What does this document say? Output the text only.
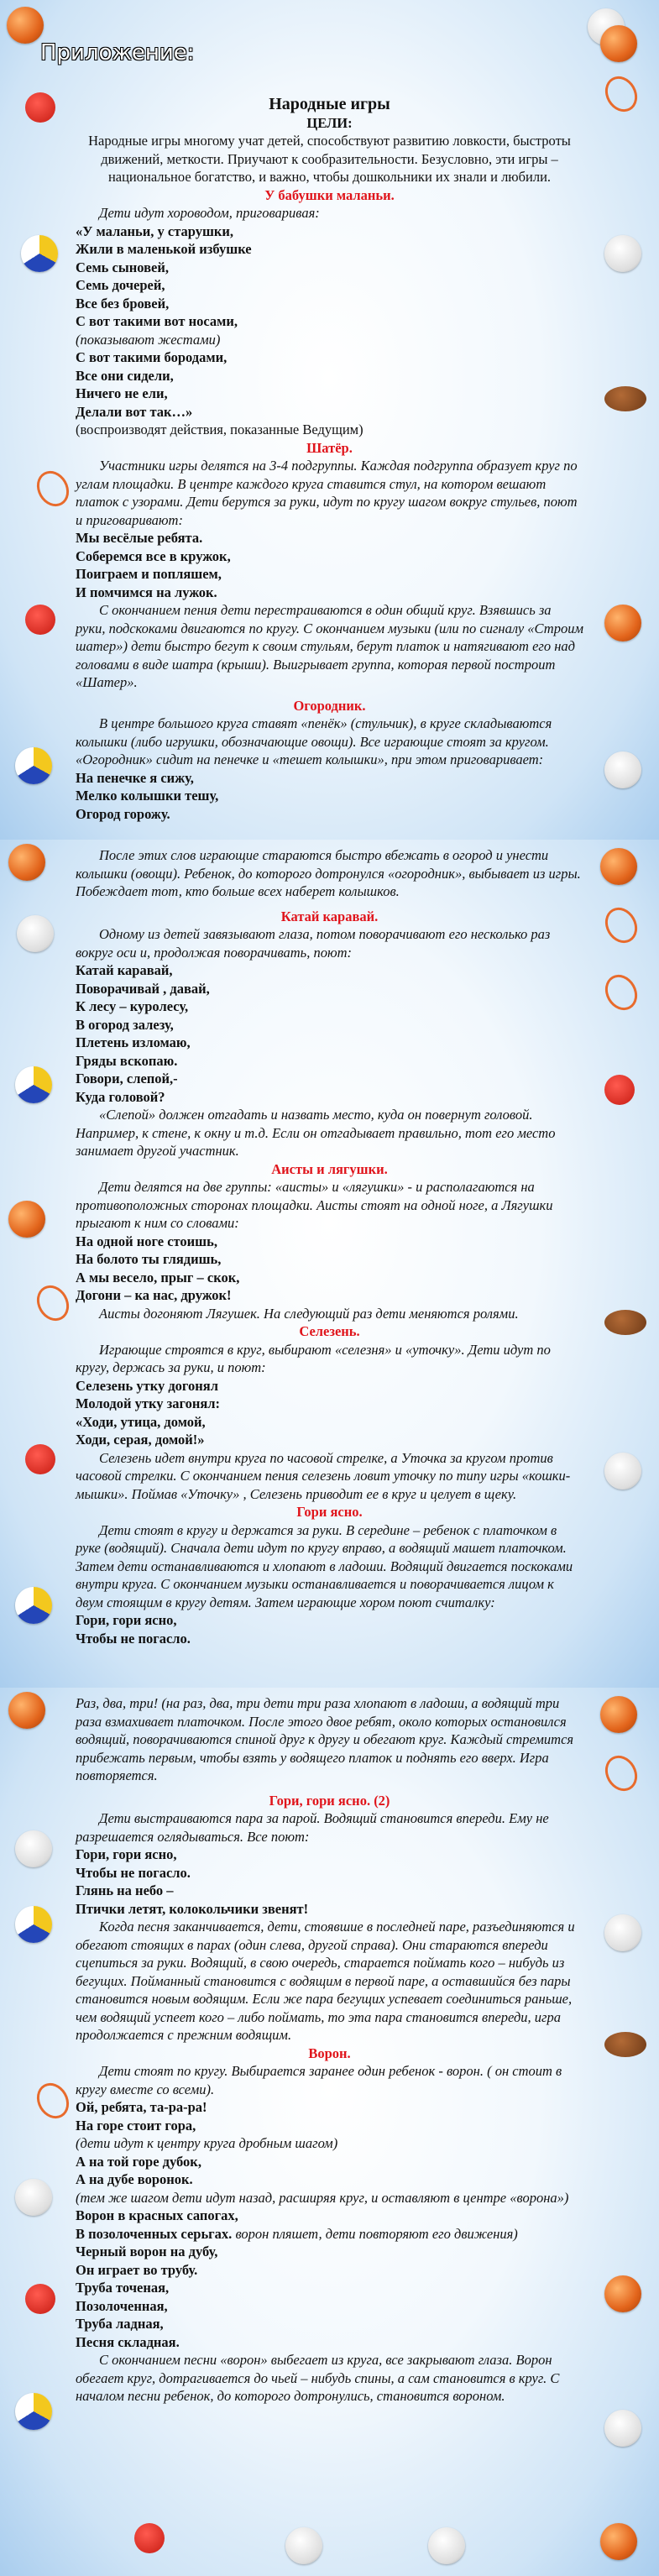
Приложение:
Народные игры

ЦЕЛИ:

Народные игры многому учат детей, способствуют развитию ловкости, быстроты движений, меткости. Приучают к сообразительности. Безусловно, эти игры – национальное богатство, и важно, чтобы дошкольники их знали и любили.

У бабушки маланьи.

Дети идут хороводом, приговаривая:

«У маланьи, у старушки,

Жили в маленькой избушке

Семь сыновей,

Семь дочерей,

Все без бровей,

С вот такими вот носами,

(показывают жестами)

С вот такими бородами,

Все они сидели,

Ничего не ели,

Делали вот так…»

(воспроизводят действия, показанные Ведущим)

Шатёр.

Участники игры делятся на 3-4 подгруппы. Каждая подгруппа образует круг по углам площадки. В центре каждого круга ставится стул, на котором вешают платок с узорами. Дети берутся за руки, идут по кругу шагом вокруг стульев, поют и приговаривают:

Мы весёлые ребята.

Соберемся все в кружок,

Поиграем и попляшем,

И помчимся на лужок.

С окончанием пения дети перестраиваются в один общий круг. Взявшись за руки, подскоками двигаются по кругу. С окончанием музыки (или по сигналу «Строим шатер») дети быстро бегут к своим стульям, берут платок и натягивают его над головами в виде шатра (крыши). Выигрывает группа, которая первой построит «Шатер».

Огородник.

В центре большого круга ставят «пенёк» (стульчик), в круге складываются колышки (либо игрушки, обозначающие овощи). Все играющие стоят за кругом. «Огородник» сидит на пенечке и «тешет колышки», при этом приговаривает:

На пенечке я сижу,

Мелко колышки тешу,

Огород горожу.

После этих слов играющие стараются быстро вбежать в огород и унести колышки (овощи). Ребенок, до которого дотронулся «огородник», выбывает из игры. Побеждает тот, кто больше всех наберет колышков.

Катай каравай.

Одному из детей завязывают глаза, потом поворачивают его несколько раз вокруг оси и, продолжая поворачивать, поют:

Катай каравай,

Поворачивай , давай,

К лесу – куролесу,

В огород залезу,

Плетень изломаю,

Гряды вскопаю.

Говори, слепой,-

Куда головой?

«Слепой» должен отгадать и назвать место, куда он повернут головой. Например, к стене, к окну и т.д. Если он отгадывает правильно, тот его место занимает другой участник.

Аисты и лягушки.

Дети делятся на две группы: «аисты» и «лягушки» - и располагаются на противоположных сторонах площадки. Аисты стоят на одной ноге, а Лягушки прыгают к ним со словами:

На одной ноге стоишь,

На болото ты глядишь,

А мы весело, прыг – скок,

Догони – ка нас, дружок!

Аисты догоняют Лягушек. На следующий раз дети меняются ролями.

Селезень.

Играющие строятся в круг, выбирают «селезня» и «уточку». Дети идут по кругу, держась за руки, и поют:

Селезень утку догонял

Молодой утку загонял:

«Ходи, утица, домой,

Ходи, серая, домой!»

Селезень идет внутри круга по часовой стрелке, а Уточка за кругом против часовой стрелки. С окончанием пения селезень ловит уточку по типу игры «кошки- мышки». Поймав «Уточку» , Селезень приводит ее в круг и целует в щеку.

Гори ясно.

Дети стоят в кругу и держатся за руки. В середине – ребенок с платочком в руке (водящий). Сначала дети идут по кругу вправо, а водящий машет платочком. Затем дети останавливаются и хлопают в ладоши. Водящий двигается поскоками внутри круга. С окончанием музыки останавливается и поворачивается лицом к двум стоящим в кругу детям. Затем играющие хором поют считалку:

Гори, гори ясно,

Чтобы не погасло.

Раз, два, три! (на раз, два, три дети три раза хлопают в ладоши, а водящий три раза взмахивает платочком. После этого двое ребят, около которых остановился водящий, поворачиваются спиной друг к другу и обегают круг. Каждый стремится прибежать первым, чтобы взять у водящего платок и поднять его вверх. Игра повторяется.

Гори, гори ясно. (2)

Дети выстраиваются пара за парой. Водящий становится впереди. Ему не разрешается оглядываться. Все поют:

Гори, гори ясно,

Чтобы не погасло.

Глянь на небо –

Птички летят, колокольчики звенят!

Когда песня заканчивается, дети, стоявшие в последней паре, разъединяются и обегают стоящих в парах (один слева, другой справа). Они стараются впереди сцепиться за руки. Водящий, в свою очередь, старается поймать кого – нибудь из бегущих. Пойманный становится с водящим в первой паре, а оставшийся без пары становится новым водящим. Если же пара бегущих успевает соединиться раньше, чем водящий успеет кого – либо поймать, то эта пара становится впереди, игра продолжается с прежним водящим.

Ворон.

Дети стоят по кругу. Выбирается заранее один ребенок - ворон. ( он стоит в кругу вместе со всеми).

Ой, ребята, та-ра-ра!

На горе стоит гора,

(дети идут к центру круга дробным шагом)

А на той горе дубок,

А на дубе воронок.

(тем же шагом дети идут назад, расширяя круг, и оставляют в центре «ворона»)

Ворон в красных сапогах,

В позолоченных серьгах. ворон пляшет, дети повторяют его движения)

Черный ворон на дубу,

Он играет во трубу.

Труба точеная,

Позолоченная,

Труба ладная,

Песня складная.

С окончанием песни «ворон» выбегает из круга, все закрывают глаза. Ворон обегает круг, дотрагивается до чьей – нибудь спины, а сам становится в круг. С началом песни ребенок, до которого дотронулись, становится вороном.
